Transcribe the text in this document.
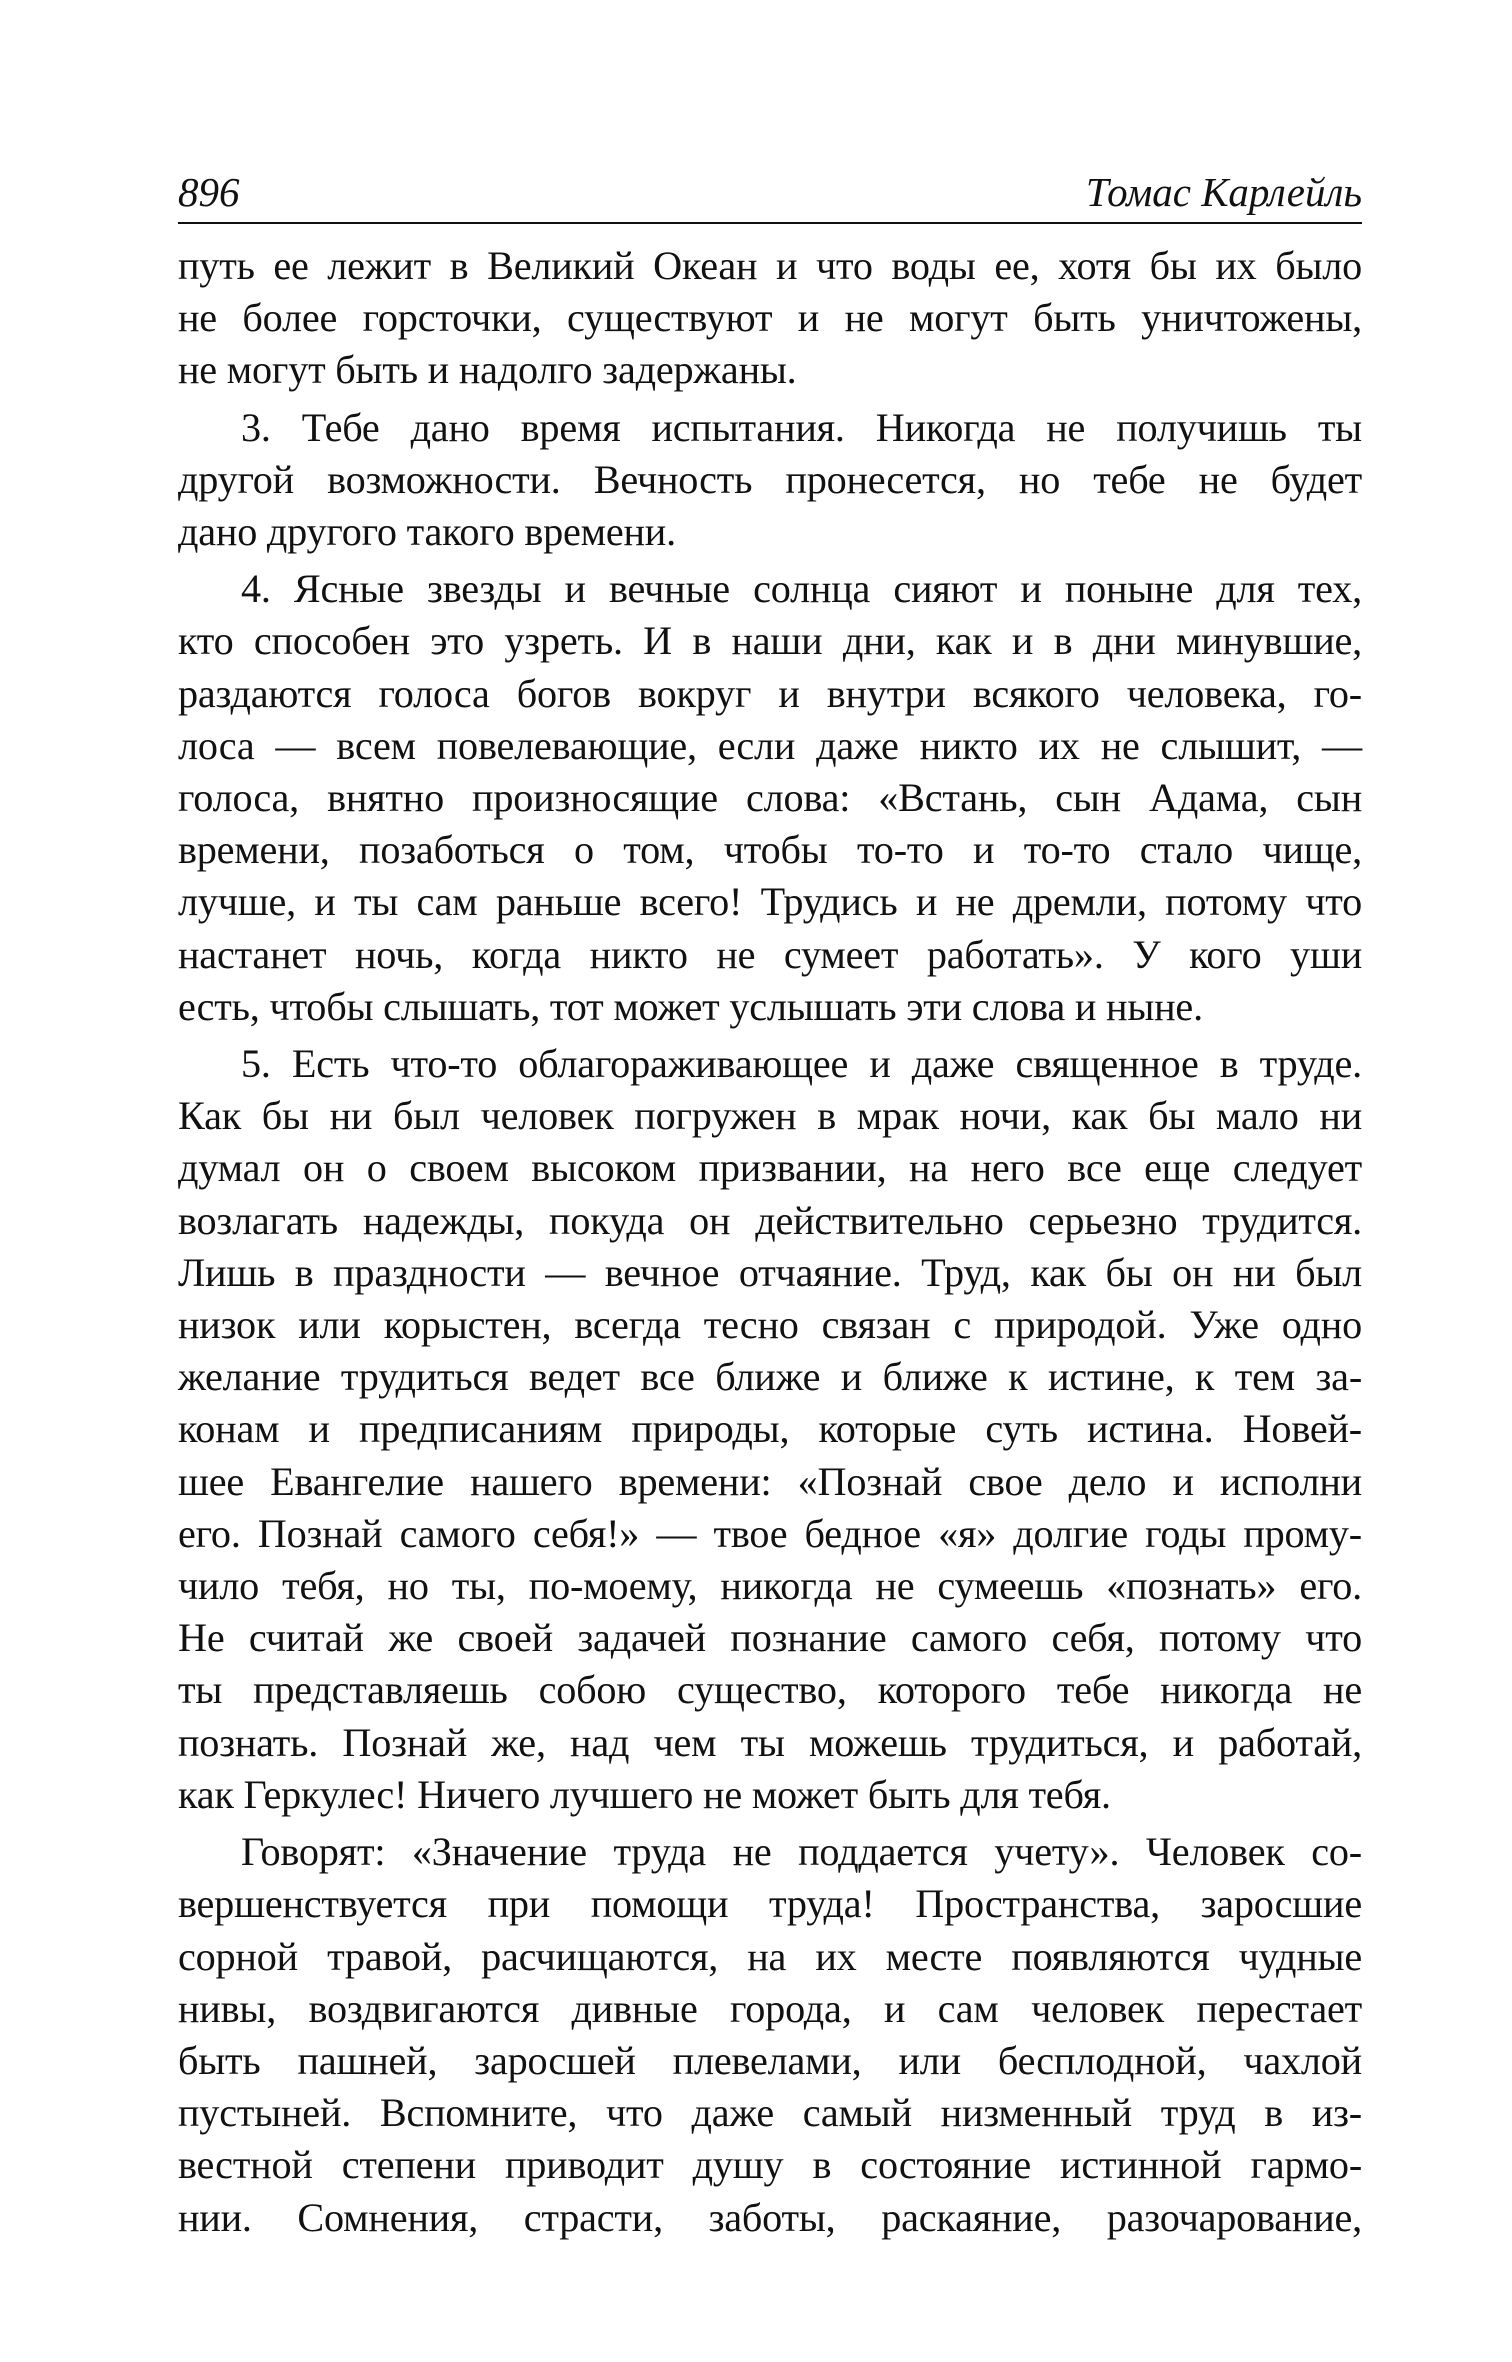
896	Томас Карлейль

путь ее лежит в Великий Океан и что воды ее, хотя бы их было
не более горсточки, существуют и не могут быть уничтожены,
не могут быть и надолго задержаны.

3. Тебе дано время испытания. Никогда не получишь ты
другой возможности. Вечность пронесется, но тебе не будет
дано другого такого времени.

4. Ясные звезды и вечные солнца сияют и поныне для тех,
кто способен это узреть. И в наши дни, как и в дни минувшие,
раздаются голоса богов вокруг и внутри всякого человека, го-
лоса — всем повелевающие, если даже никто их не слышит, —
голоса, внятно произносящие слова: «Встань, сын Адама, сын
времени, позаботься о том, чтобы то-то и то-то стало чище,
лучше, и ты сам раньше всего! Трудись и не дремли, потому что
настанет ночь, когда никто не сумеет работать». У кого уши
есть, чтобы слышать, тот может услышать эти слова и ныне.

5. Есть что-то облагораживающее и даже священное в труде.
Как бы ни был человек погружен в мрак ночи, как бы мало ни
думал он о своем высоком призвании, на него все еще следует
возлагать надежды, покуда он действительно серьезно трудится.
Лишь в праздности — вечное отчаяние. Труд, как бы он ни был
низок или корыстен, всегда тесно связан с природой. Уже одно
желание трудиться ведет все ближе и ближе к истине, к тем за-
конам и предписаниям природы, которые суть истина. Новей-
шее Евангелие нашего времени: «Познай свое дело и исполни
его. Познай самого себя!» — твое бедное «я» долгие годы прому-
чило тебя, но ты, по-моему, никогда не сумеешь «познать» его.
Не считай же своей задачей познание самого себя, потому что
ты представляешь собою существо, которого тебе никогда не
познать. Познай же, над чем ты можешь трудиться, и работай,
как Геркулес! Ничего лучшего не может быть для тебя.

Говорят: «Значение труда не поддается учету». Человек со-
вершенствуется при помощи труда! Пространства, заросшие
сорной травой, расчищаются, на их месте появляются чудные
нивы, воздвигаются дивные города, и сам человек перестает
быть пашней, заросшей плевелами, или бесплодной, чахлой
пустыней. Вспомните, что даже самый низменный труд в из-
вестной степени приводит душу в состояние истинной гармо-
нии. Сомнения, страсти, заботы, раскаяние, разочарование,
